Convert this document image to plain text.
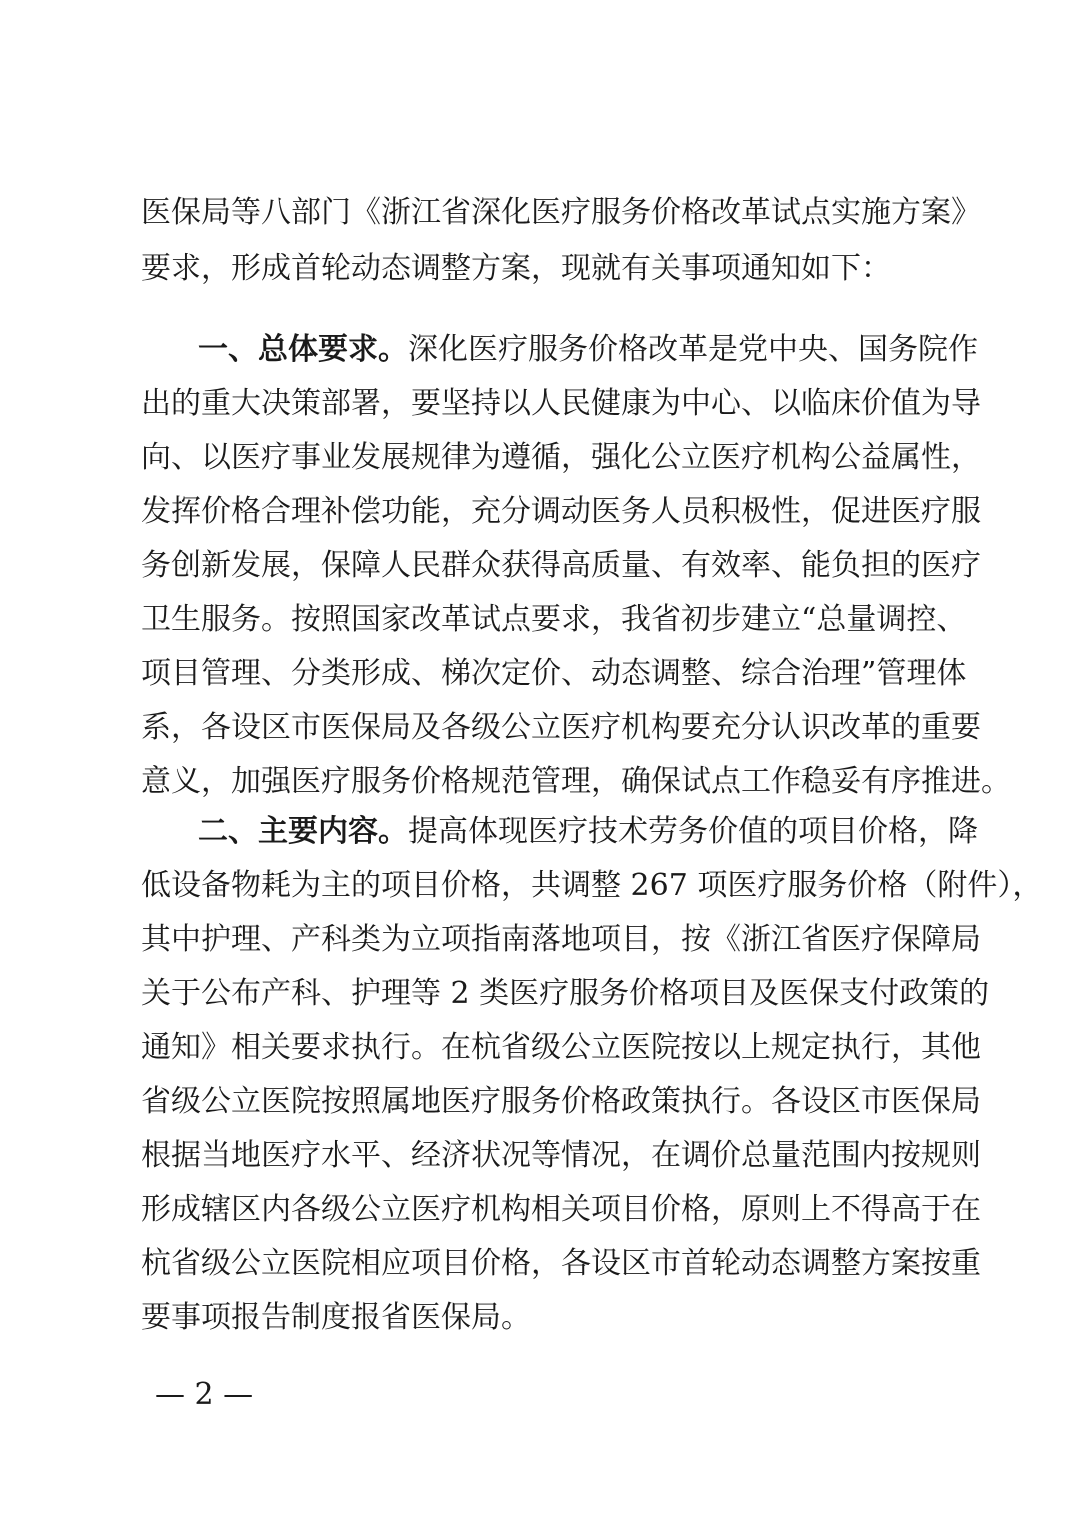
医保局等八部门《浙江省深化医疗服务价格改革试点实施方案》
要求，形成首轮动态调整方案，现就有关事项通知如下：
一、总体要求。深化医疗服务价格改革是党中央、国务院作
出的重大决策部署，要坚持以人民健康为中心、以临床价值为导
向、以医疗事业发展规律为遵循，强化公立医疗机构公益属性，
发挥价格合理补偿功能，充分调动医务人员积极性，促进医疗服
务创新发展，保障人民群众获得高质量、有效率、能负担的医疗
卫生服务。按照国家改革试点要求，我省初步建立“总量调控、
项目管理、分类形成、梯次定价、动态调整、综合治理”管理体
系，各设区市医保局及各级公立医疗机构要充分认识改革的重要
意义，加强医疗服务价格规范管理，确保试点工作稳妥有序推进。
二、主要内容。提高体现医疗技术劳务价值的项目价格，降
低设备物耗为主的项目价格，共调整 267 项医疗服务价格（附件），
其中护理、产科类为立项指南落地项目，按《浙江省医疗保障局
关于公布产科、护理等 2 类医疗服务价格项目及医保支付政策的
通知》相关要求执行。在杭省级公立医院按以上规定执行，其他
省级公立医院按照属地医疗服务价格政策执行。各设区市医保局
根据当地医疗水平、经济状况等情况，在调价总量范围内按规则
形成辖区内各级公立医疗机构相关项目价格，原则上不得高于在
杭省级公立医院相应项目价格，各设区市首轮动态调整方案按重
要事项报告制度报省医保局。
— 2 —
